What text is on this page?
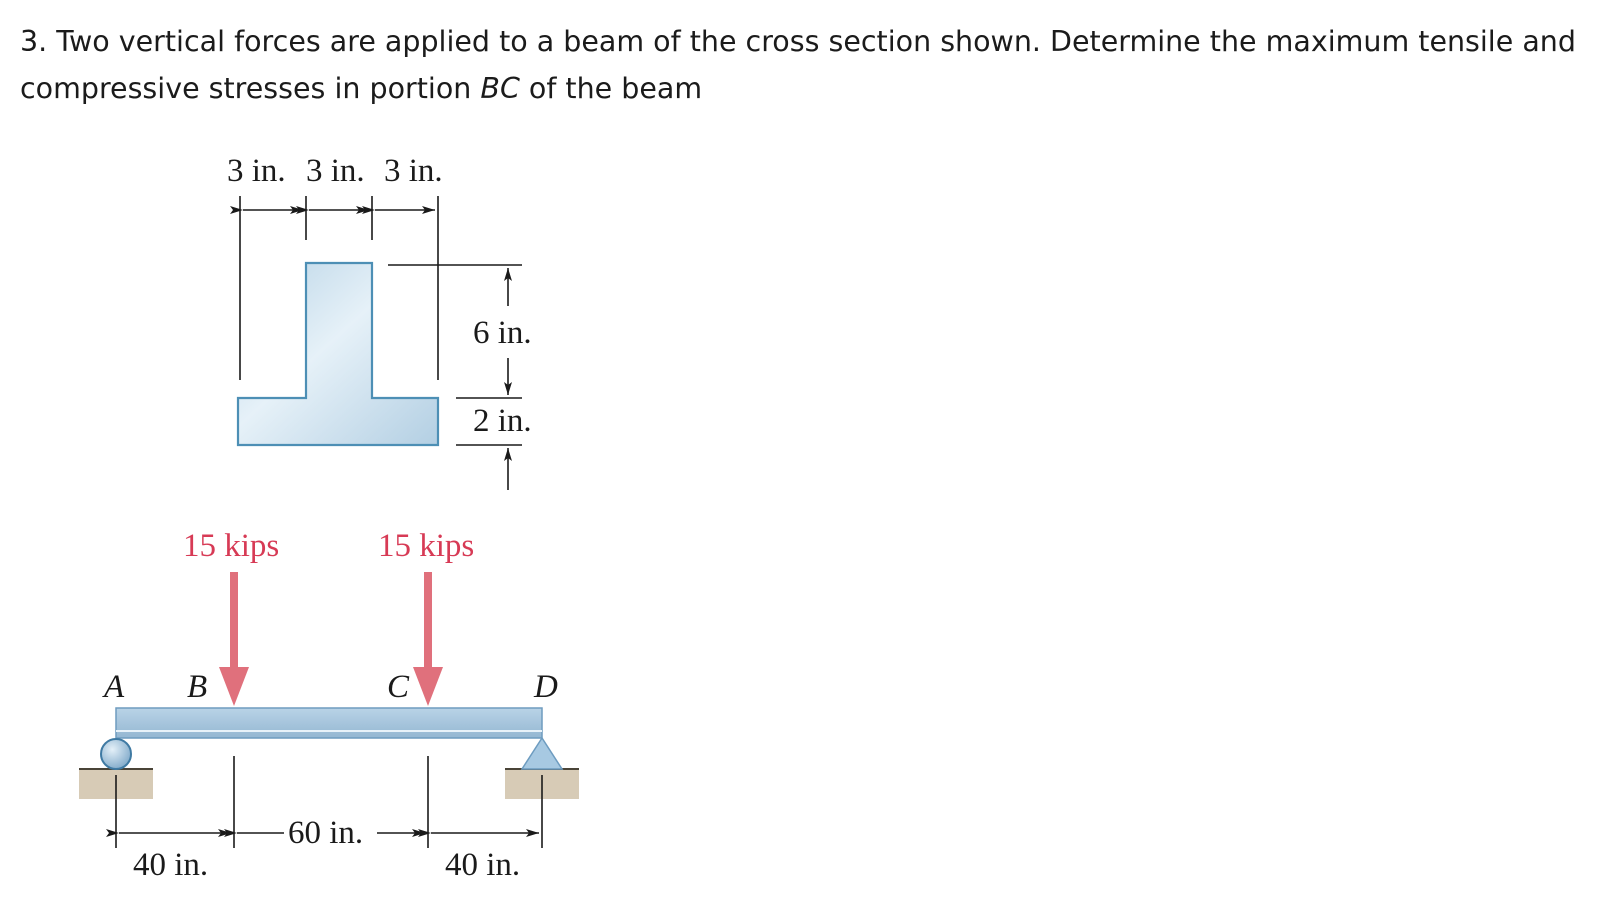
3. Two vertical forces are applied to a beam of the cross section shown. Determine the maximum tensile and compressive stresses in portion BC of the beam

3 in. 3 in. 3 in.
6 in.
2 in.
15 kips	15 kips
A B	C	D
60 in.
40 in.	40 in.
